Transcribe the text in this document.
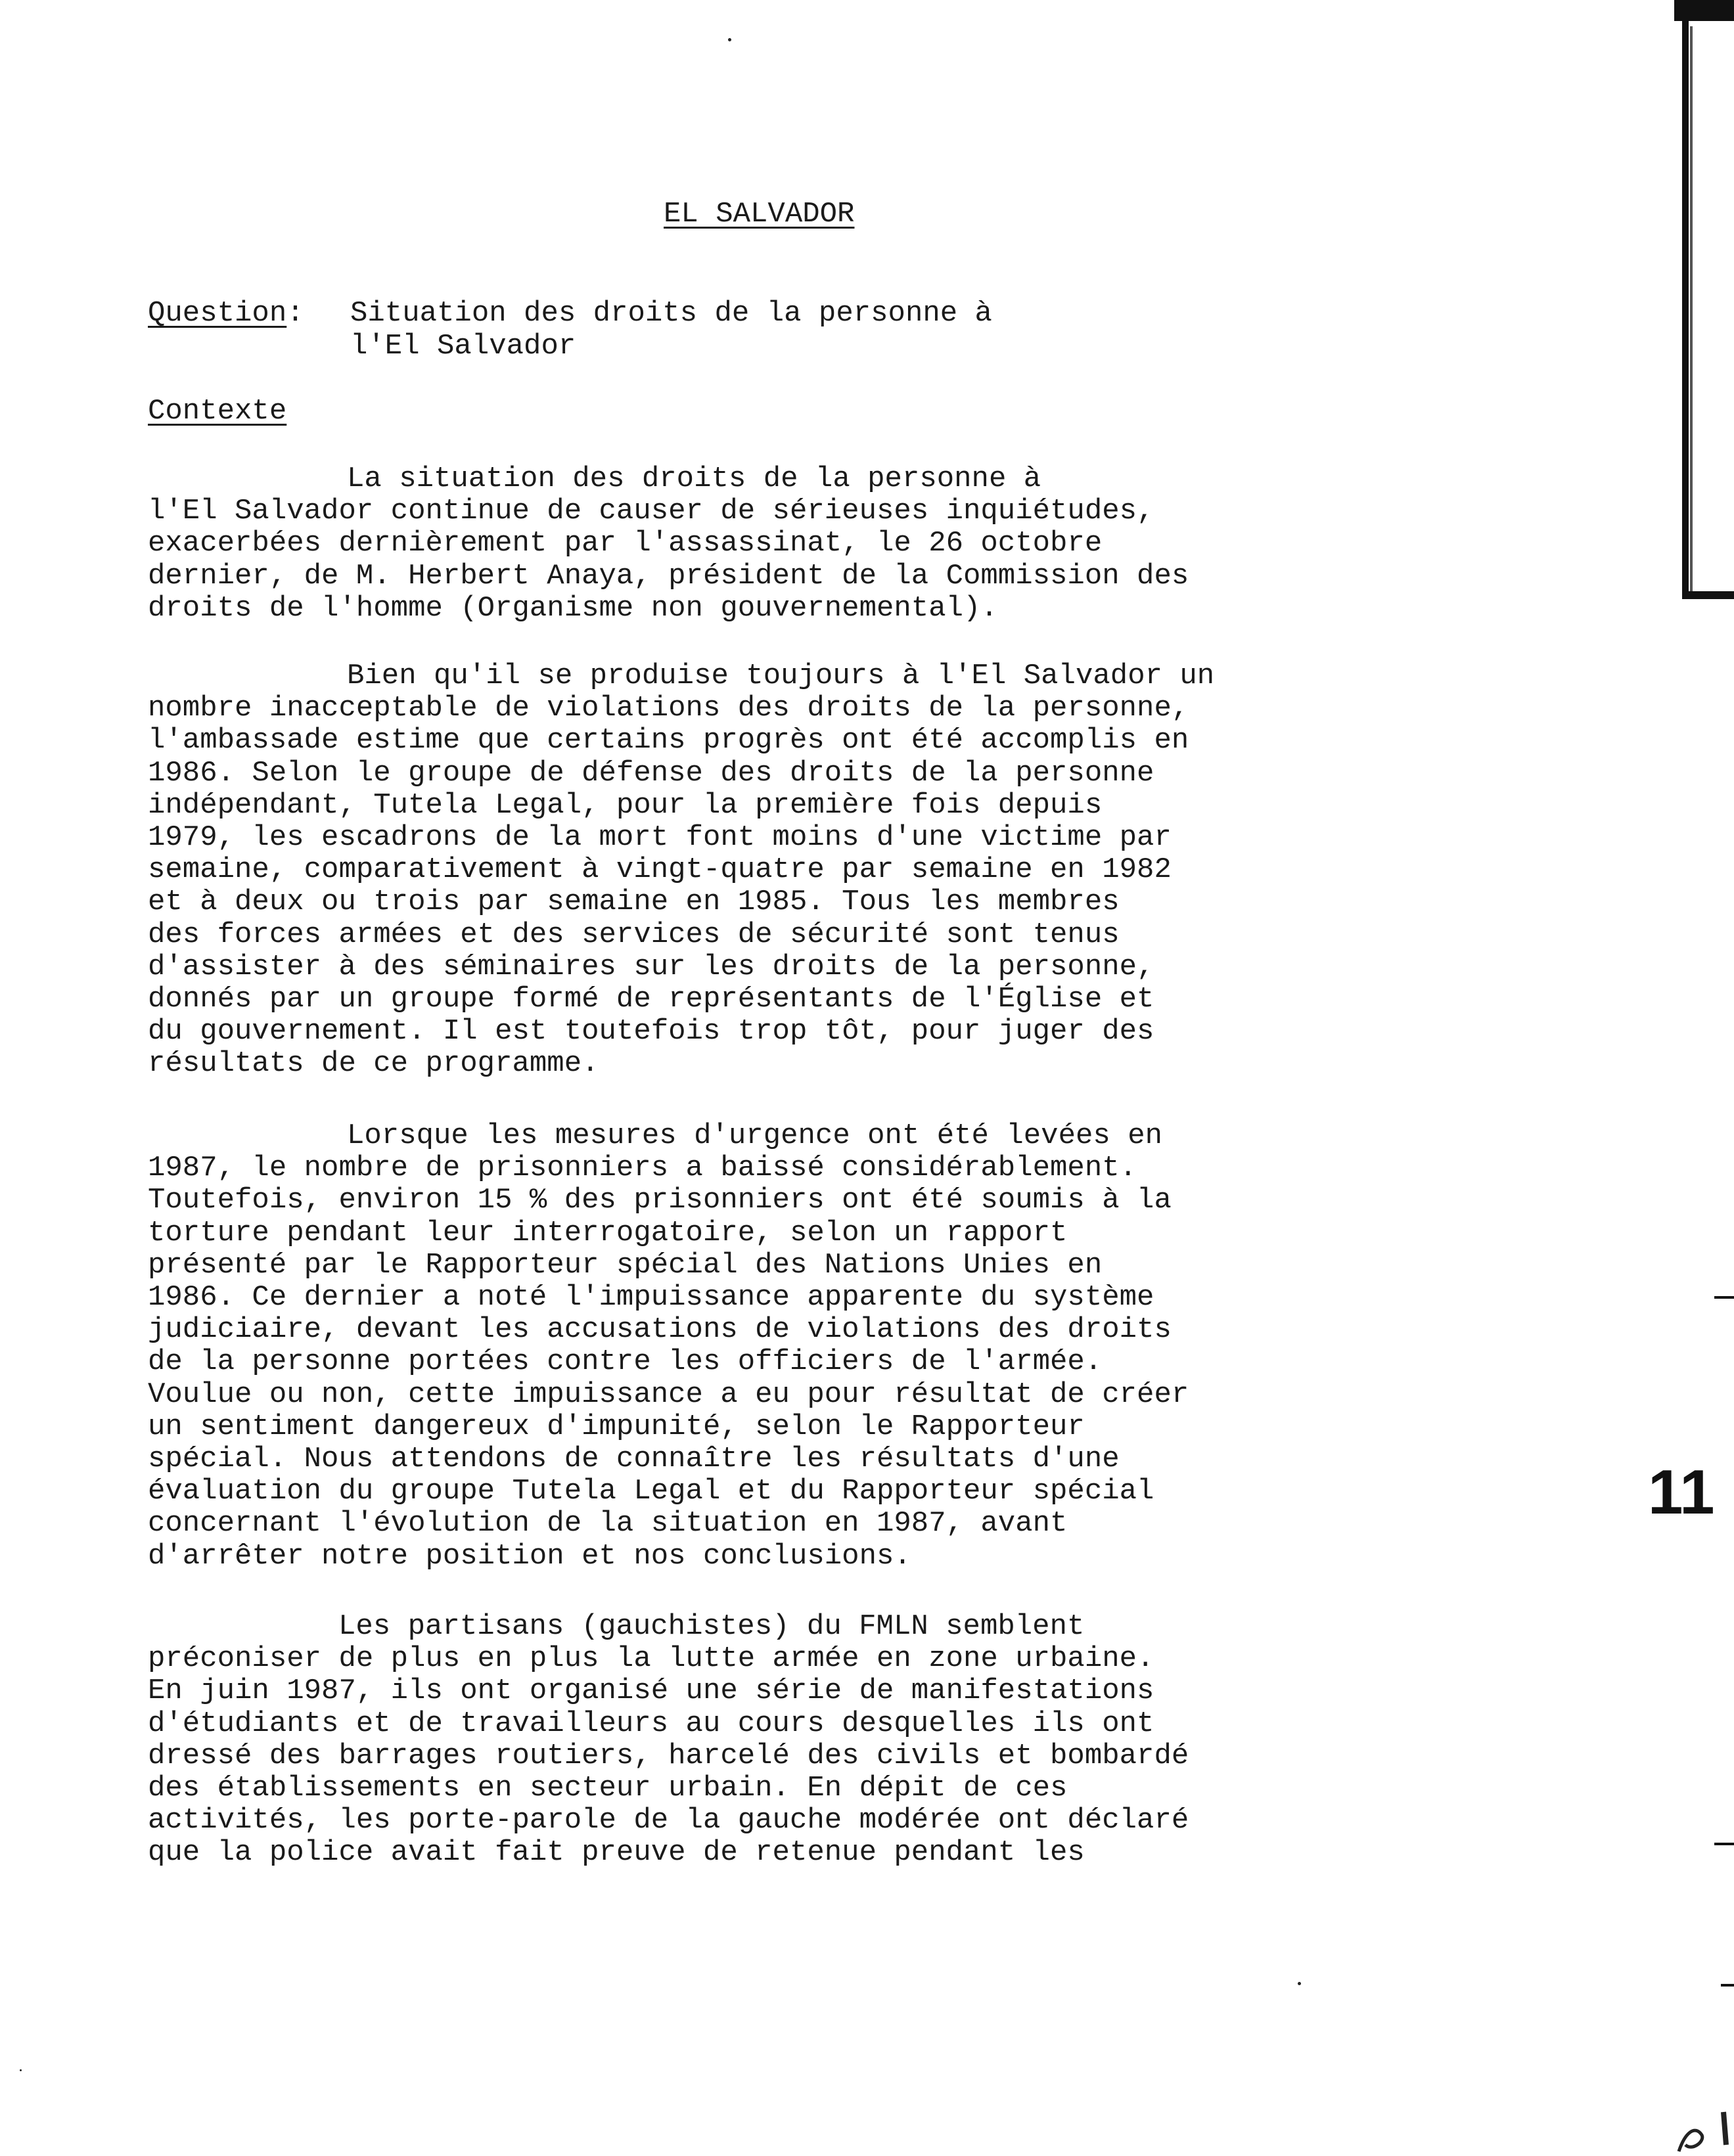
EL SALVADOR
Question: Situation des droits de la personne à
l'El Salvador
Contexte
La situation des droits de la personne à
l'El Salvador continue de causer de sérieuses inquiétudes,
exacerbées dernièrement par l'assassinat, le 26 octobre
dernier, de M. Herbert Anaya, président de la Commission des
droits de l'homme (Organisme non gouvernemental).
Bien qu'il se produise toujours à l'El Salvador un
nombre inacceptable de violations des droits de la personne,
l'ambassade estime que certains progrès ont été accomplis en
1986. Selon le groupe de défense des droits de la personne
indépendant, Tutela Legal, pour la première fois depuis
1979, les escadrons de la mort font moins d'une victime par
semaine, comparativement à vingt-quatre par semaine en 1982
et à deux ou trois par semaine en 1985. Tous les membres
des forces armées et des services de sécurité sont tenus
d'assister à des séminaires sur les droits de la personne,
donnés par un groupe formé de représentants de l'Église et
du gouvernement. Il est toutefois trop tôt, pour juger des
résultats de ce programme.
Lorsque les mesures d'urgence ont été levées en
1987, le nombre de prisonniers a baissé considérablement.
Toutefois, environ 15 % des prisonniers ont été soumis à la
torture pendant leur interrogatoire, selon un rapport
présenté par le Rapporteur spécial des Nations Unies en
1986. Ce dernier a noté l'impuissance apparente du système
judiciaire, devant les accusations de violations des droits
de la personne portées contre les officiers de l'armée.
Voulue ou non, cette impuissance a eu pour résultat de créer
un sentiment dangereux d'impunité, selon le Rapporteur
spécial. Nous attendons de connaître les résultats d'une
évaluation du groupe Tutela Legal et du Rapporteur spécial
concernant l'évolution de la situation en 1987, avant
d'arrêter notre position et nos conclusions.
Les partisans (gauchistes) du FMLN semblent
préconiser de plus en plus la lutte armée en zone urbaine.
En juin 1987, ils ont organisé une série de manifestations
d'étudiants et de travailleurs au cours desquelles ils ont
dressé des barrages routiers, harcelé des civils et bombardé
des établissements en secteur urbain. En dépit de ces
activités, les porte-parole de la gauche modérée ont déclaré
que la police avait fait preuve de retenue pendant les
11
